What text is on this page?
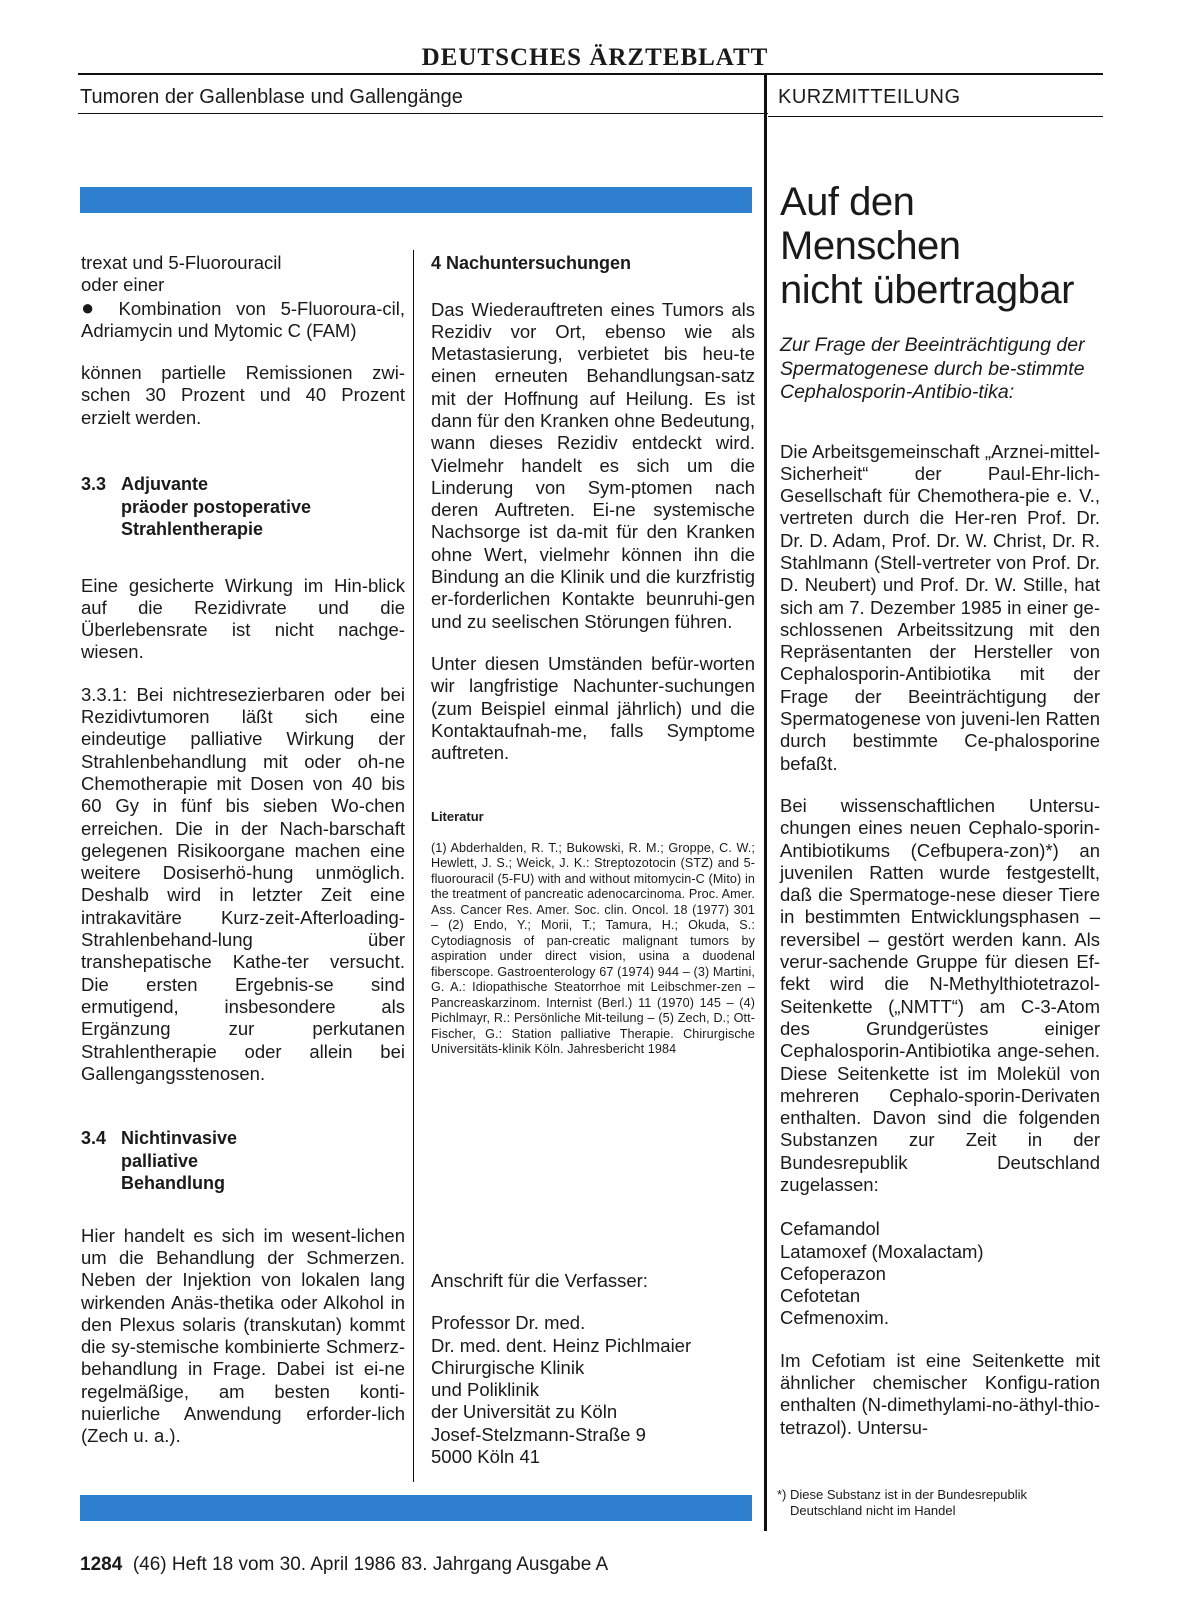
DEUTSCHES ÄRZTEBLATT
Tumoren der Gallenblase und Gallengänge	KURZMITTEILUNG

trexat und 5-Fluorouracil

oder einer

● Kombination von 5-Fluoroura-cil, Adriamycin und Mytomic C (FAM)

können partielle Remissionen zwi-schen 30 Prozent und 40 Prozent erzielt werden.

3.3 Adjuvante
präoder postoperative
Strahlentherapie

Eine gesicherte Wirkung im Hin-blick auf die Rezidivrate und die Überlebensrate ist nicht nachge-wiesen.

3.3.1: Bei nichtresezierbaren oder bei Rezidivtumoren läßt sich eine eindeutige palliative Wirkung der Strahlenbehandlung mit oder oh-ne Chemotherapie mit Dosen von 40 bis 60 Gy in fünf bis sieben Wo-chen erreichen. Die in der Nach-barschaft gelegenen Risikoorgane machen eine weitere Dosiserhö-hung unmöglich. Deshalb wird in letzter Zeit eine intrakavitäre Kurz-zeit-Afterloading-Strahlenbehand-lung über transhepatische Kathe-ter versucht. Die ersten Ergebnis-se sind ermutigend, insbesondere als Ergänzung zur perkutanen Strahlentherapie oder allein bei Gallengangsstenosen.

3.4 Nichtinvasive
palliative
Behandlung

Hier handelt es sich im wesent-lichen um die Behandlung der Schmerzen. Neben der Injektion von lokalen lang wirkenden Anäs-thetika oder Alkohol in den Plexus solaris (transkutan) kommt die sy-stemische kombinierte Schmerz-behandlung in Frage. Dabei ist ei-ne regelmäßige, am besten konti-nuierliche Anwendung erforder-lich (Zech u. a.).

4 Nachuntersuchungen

Das Wiederauftreten eines Tumors als Rezidiv vor Ort, ebenso wie als Metastasierung, verbietet bis heu-te einen erneuten Behandlungsan-satz mit der Hoffnung auf Heilung. Es ist dann für den Kranken ohne Bedeutung, wann dieses Rezidiv entdeckt wird. Vielmehr handelt es sich um die Linderung von Sym-ptomen nach deren Auftreten. Ei-ne systemische Nachsorge ist da-mit für den Kranken ohne Wert, vielmehr können ihn die Bindung an die Klinik und die kurzfristig er-forderlichen Kontakte beunruhi-gen und zu seelischen Störungen führen.

Unter diesen Umständen befür-worten wir langfristige Nachunter-suchungen (zum Beispiel einmal jährlich) und die Kontaktaufnah-me, falls Symptome auftreten.

Literatur
(1) Abderhalden, R. T.; Bukowski, R. M.; Groppe, C. W.; Hewlett, J. S.; Weick, J. K.: Streptozotocin (STZ) and 5-fluorouracil (5-FU) with and without mitomycin-C (Mito) in the treatment of pancreatic adenocarcinoma. Proc. Amer. Ass. Cancer Res. Amer. Soc. clin. Oncol. 18 (1977) 301 – (2) Endo, Y.; Morii, T.; Tamura, H.; Okuda, S.: Cytodiagnosis of pan-creatic malignant tumors by aspiration under direct vision, usina a duodenal fiberscope. Gastroenterology 67 (1974) 944 – (3) Martini, G. A.: Idiopathische Steatorrhoe mit Leibschmer-zen – Pancreaskarzinom. Internist (Berl.) 11 (1970) 145 – (4) Pichlmayr, R.: Persönliche Mit-teilung – (5) Zech, D.; Ott-Fischer, G.: Station palliative Therapie. Chirurgische Universitäts-klinik Köln. Jahresbericht 1984

Anschrift für die Verfasser:

Professor Dr. med.

Dr. med. dent. Heinz Pichlmaier

Chirurgische Klinik

und Poliklinik

der Universität zu Köln

Josef-Stelzmann-Straße 9

5000 Köln 41

Auf den Menschen
nicht übertragbar

Zur Frage der Beeinträchtigung der Spermatogenese durch be-stimmte Cephalosporin-Antibio-tika:

Die Arbeitsgemeinschaft „Arznei-mittel-Sicherheit“ der Paul-Ehr-lich-Gesellschaft für Chemothera-pie e. V., vertreten durch die Her-ren Prof. Dr. Dr. D. Adam, Prof. Dr. W. Christ, Dr. R. Stahlmann (Stell-vertreter von Prof. Dr. D. Neubert) und Prof. Dr. W. Stille, hat sich am 7. Dezember 1985 in einer ge-schlossenen Arbeitssitzung mit den Repräsentanten der Hersteller von Cephalosporin-Antibiotika mit der Frage der Beeinträchtigung der Spermatogenese von juveni-len Ratten durch bestimmte Ce-phalosporine befaßt.

Bei wissenschaftlichen Untersu-chungen eines neuen Cephalo-sporin-Antibiotikums (Cefbupera-zon)*) an juvenilen Ratten wurde festgestellt, daß die Spermatoge-nese dieser Tiere in bestimmten Entwicklungsphasen – reversibel – gestört werden kann. Als verur-sachende Gruppe für diesen Ef-fekt wird die N-Methylthiotetrazol-Seitenkette („NMTT“) am C-3-Atom des Grundgerüstes einiger Cephalosporin-Antibiotika ange-sehen. Diese Seitenkette ist im Molekül von mehreren Cephalo-sporin-Derivaten enthalten. Davon sind die folgenden Substanzen zur Zeit in der Bundesrepublik Deutschland zugelassen:

Cefamandol

Latamoxef (Moxalactam)

Cefoperazon

Cefotetan

Cefmenoxim.

Im Cefotiam ist eine Seitenkette mit ähnlicher chemischer Konfigu-ration enthalten (N-dimethylami-no-äthyl-thio-tetrazol). Untersu-

*) Diese Substanz ist in der Bundesrepublik
Deutschland nicht im Handel
1284 (46) Heft 18 vom 30. April 1986 83. Jahrgang Ausgabe A
